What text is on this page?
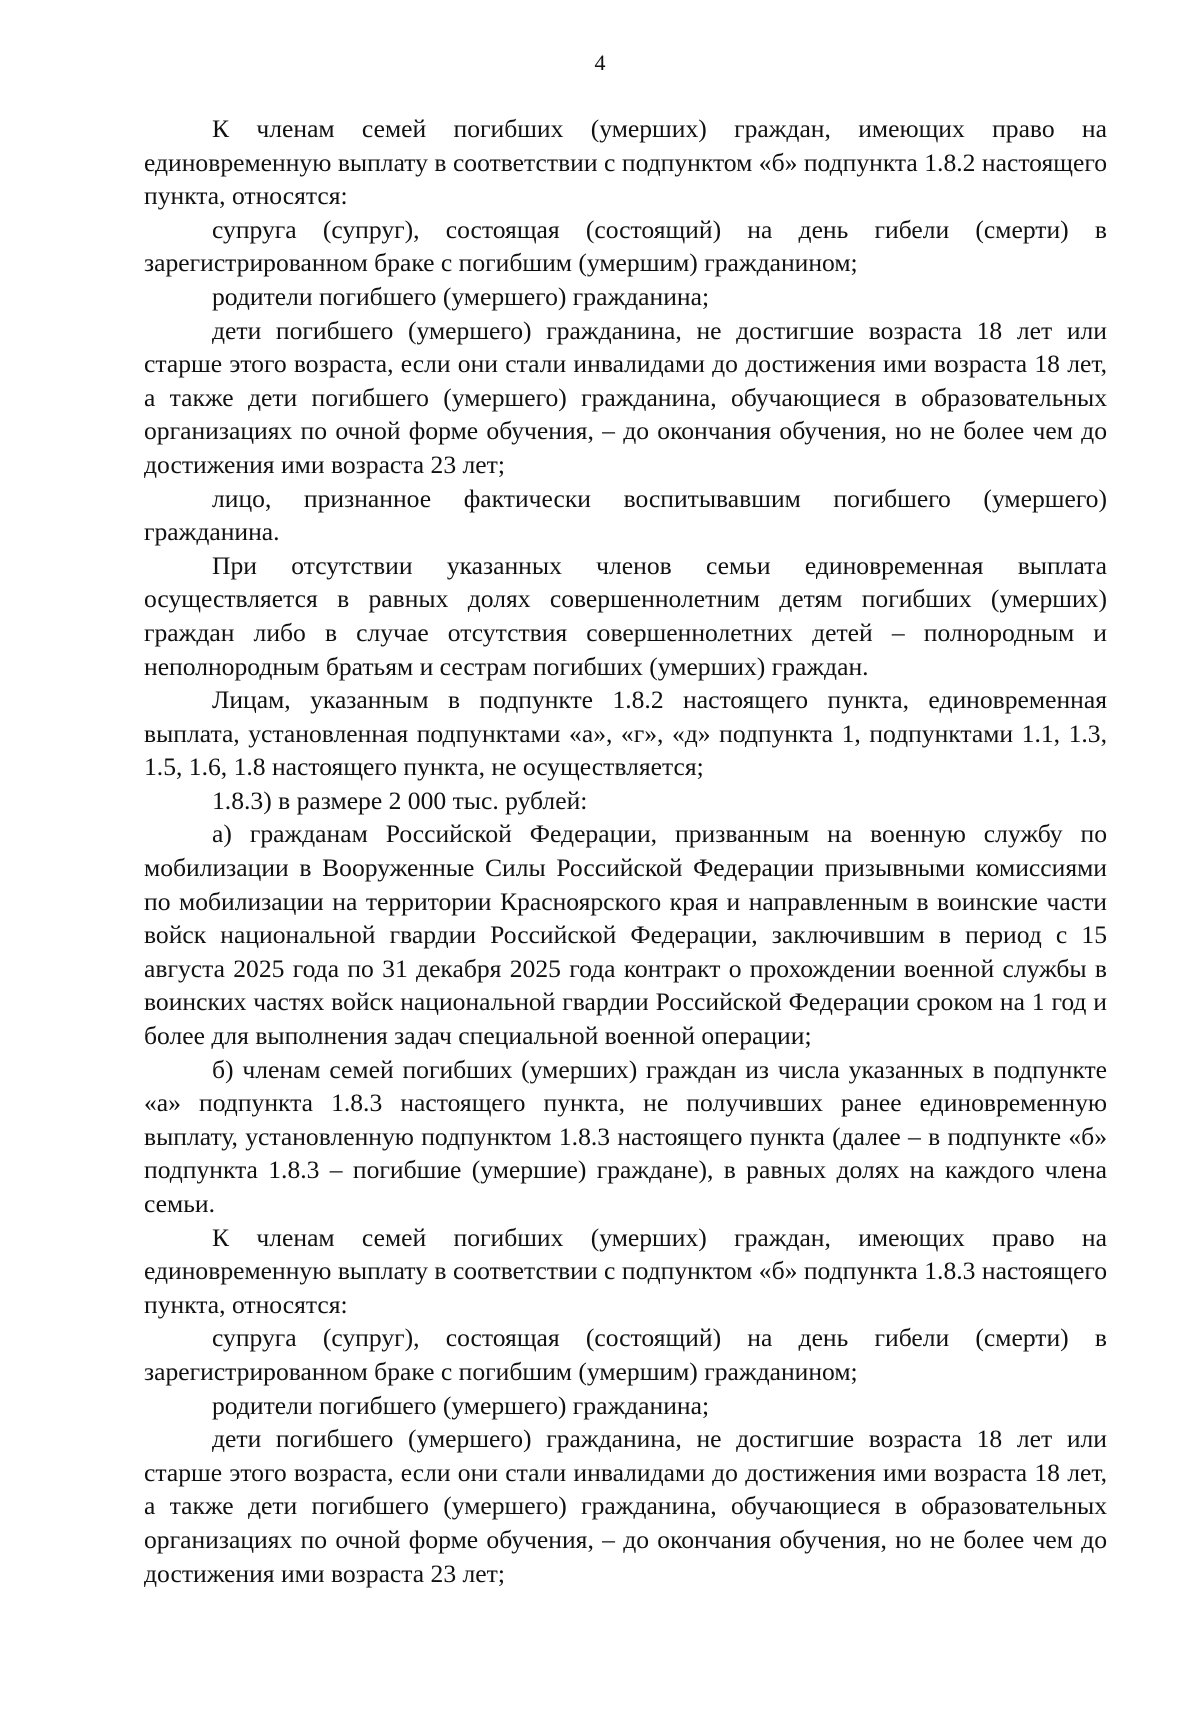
4

К членам семей погибших (умерших) граждан, имеющих право на единовременную выплату в соответствии с подпунктом «б» подпункта 1.8.2 настоящего пункта, относятся:

супруга (супруг), состоящая (состоящий) на день гибели (смерти) в зарегистрированном браке с погибшим (умершим) гражданином;

родители погибшего (умершего) гражданина;

дети погибшего (умершего) гражданина, не достигшие возраста 18 лет или старше этого возраста, если они стали инвалидами до достижения ими возраста 18 лет, а также дети погибшего (умершего) гражданина, обучающиеся в образовательных организациях по очной форме обучения, – до окончания обучения, но не более чем до достижения ими возраста 23 лет;

лицо, признанное фактически воспитывавшим погибшего (умершего) гражданина.

При отсутствии указанных членов семьи единовременная выплата осуществляется в равных долях совершеннолетним детям погибших (умерших) граждан либо в случае отсутствия совершеннолетних детей – полнородным и неполнородным братьям и сестрам погибших (умерших) граждан.

Лицам, указанным в подпункте 1.8.2 настоящего пункта, единовременная выплата, установленная подпунктами «а», «г», «д» подпункта 1, подпунктами 1.1, 1.3, 1.5, 1.6, 1.8 настоящего пункта, не осуществляется;

1.8.3) в размере 2 000 тыс. рублей:

а) гражданам Российской Федерации, призванным на военную службу по мобилизации в Вооруженные Силы Российской Федерации призывными комиссиями по мобилизации на территории Красноярского края и направленным в воинские части войск национальной гвардии Российской Федерации, заключившим в период с 15 августа 2025 года по 31 декабря 2025 года контракт о прохождении военной службы в воинских частях войск национальной гвардии Российской Федерации сроком на 1 год и более для выполнения задач специальной военной операции;

б) членам семей погибших (умерших) граждан из числа указанных в подпункте «а» подпункта 1.8.3 настоящего пункта, не получивших ранее единовременную выплату, установленную подпунктом 1.8.3 настоящего пункта (далее – в подпункте «б» подпункта 1.8.3 – погибшие (умершие) граждане), в равных долях на каждого члена семьи.

К членам семей погибших (умерших) граждан, имеющих право на единовременную выплату в соответствии с подпунктом «б» подпункта 1.8.3 настоящего пункта, относятся:

супруга (супруг), состоящая (состоящий) на день гибели (смерти) в зарегистрированном браке с погибшим (умершим) гражданином;

родители погибшего (умершего) гражданина;

дети погибшего (умершего) гражданина, не достигшие возраста 18 лет или старше этого возраста, если они стали инвалидами до достижения ими возраста 18 лет, а также дети погибшего (умершего) гражданина, обучающиеся в образовательных организациях по очной форме обучения, – до окончания обучения, но не более чем до достижения ими возраста 23 лет;
